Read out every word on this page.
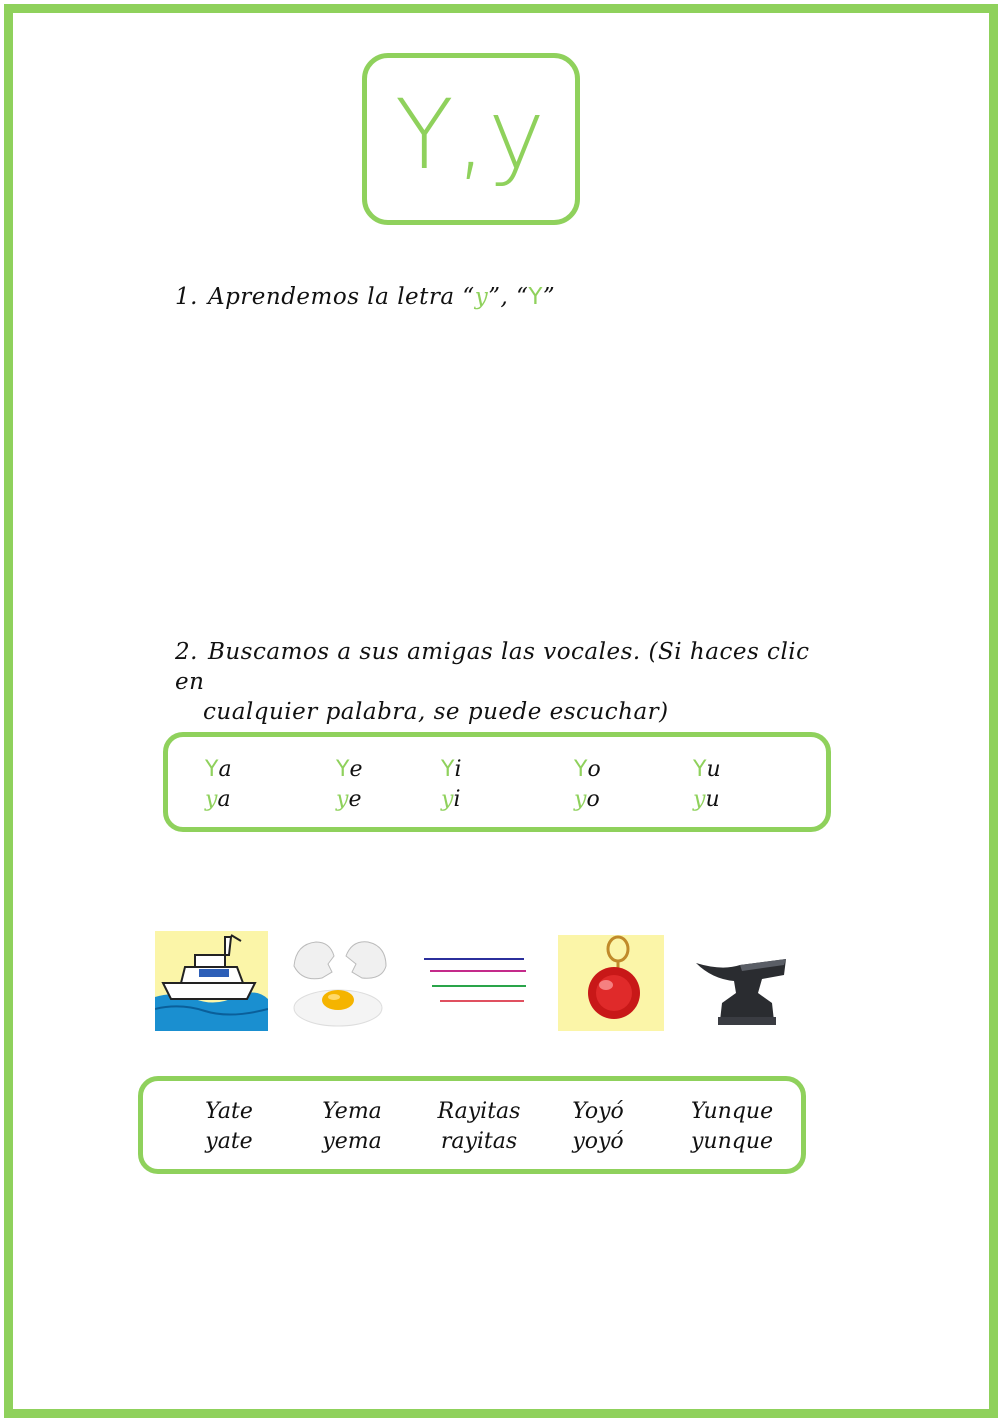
Y,y
1. Aprendemos la letra “y”, “Y”
2. Buscamos a sus amigas las vocales. (Si haces clic en
cualquier palabra, se puede escuchar)
Ya
ya
Ye
ye
Yi
yi
Yo
yo
Yu
yu
Yate
yate
Yema
yema
Rayitas
rayitas
Yoyó
yoyó
Yunque
yunque
